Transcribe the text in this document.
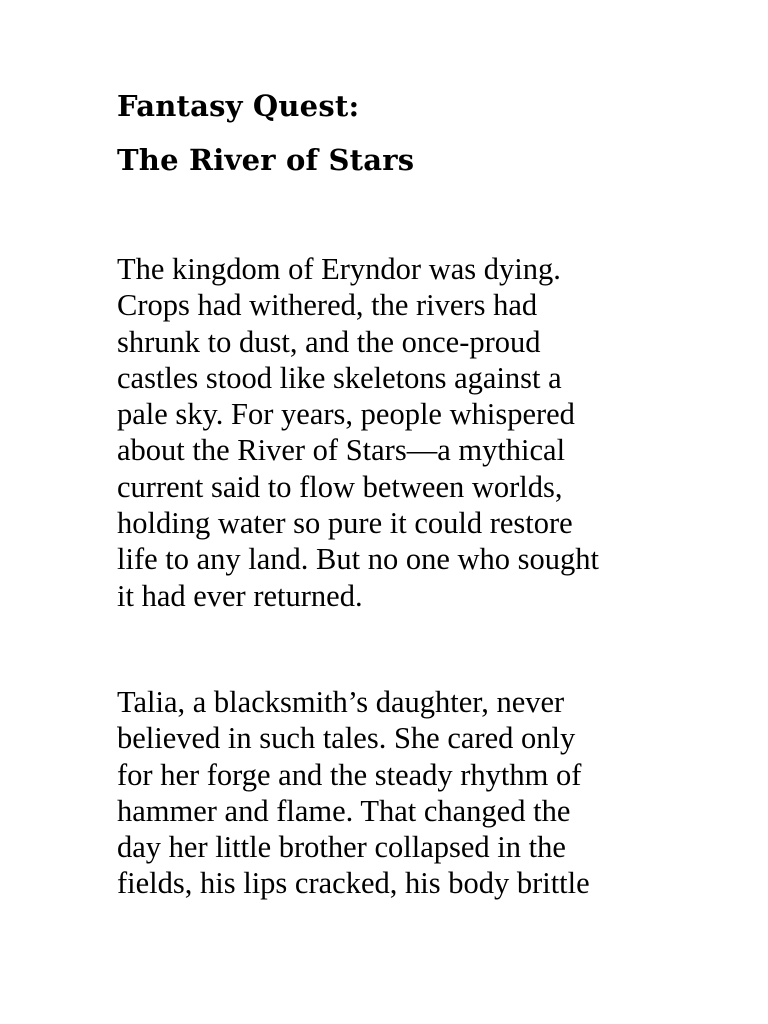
Fantasy Quest:
The River of Stars

The kingdom of Eryndor was dying.
Crops had withered, the rivers had
shrunk to dust, and the once-proud
castles stood like skeletons against a
pale sky. For years, people whispered
about the River of Stars—a mythical
current said to flow between worlds,
holding water so pure it could restore
life to any land. But no one who sought
it had ever returned.

Talia, a blacksmith’s daughter, never
believed in such tales. She cared only
for her forge and the steady rhythm of
hammer and flame. That changed the
day her little brother collapsed in the
fields, his lips cracked, his body brittle
